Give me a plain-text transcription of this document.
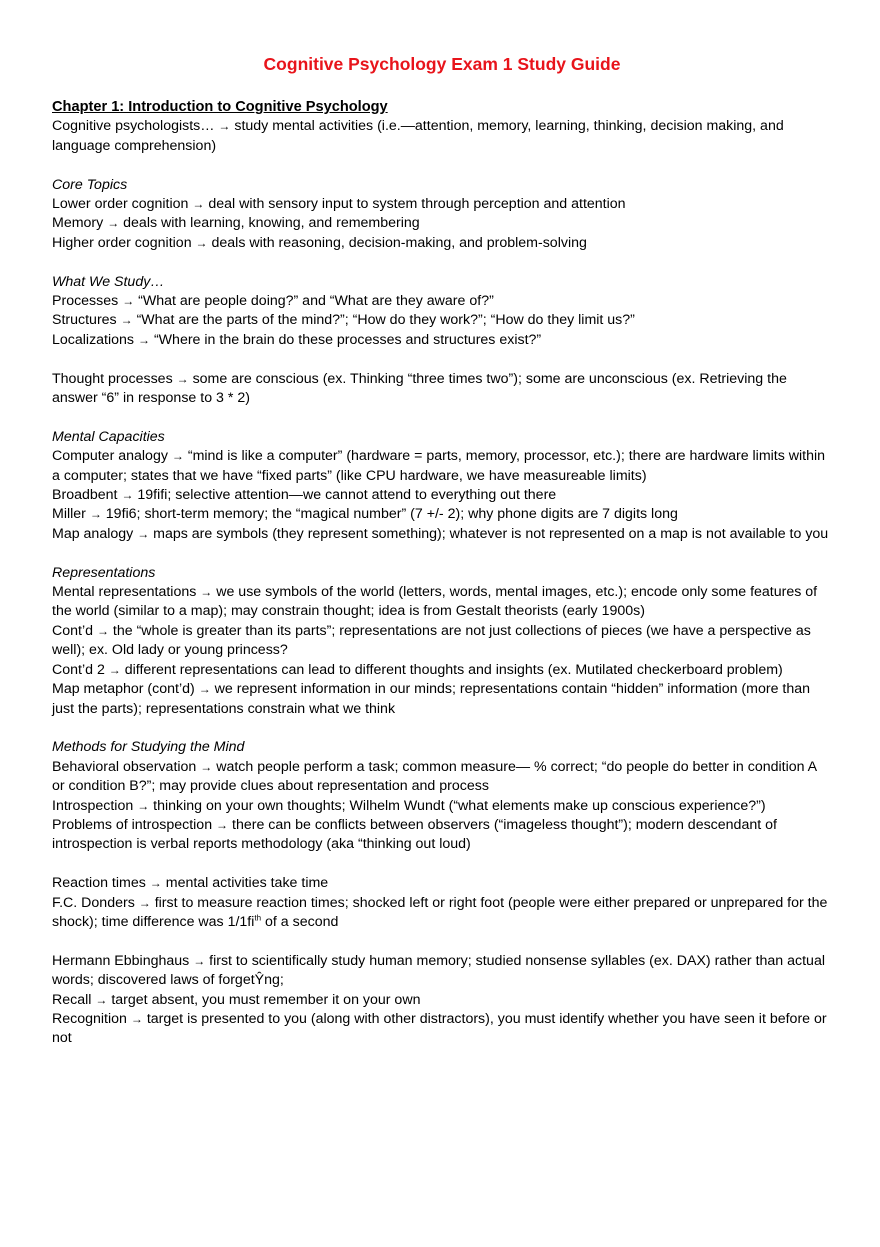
Cognitive Psychology Exam 1 Study Guide

Chapter 1: Introduction to Cognitive Psychology

Cognitive psychologists… → study mental activities (i.e.—attention, memory, learning, thinking, decision making, and language comprehension)

Core Topics

Lower order cognition → deal with sensory input to system through perception and attention

Memory → deals with learning, knowing, and remembering

Higher order cognition → deals with reasoning, decision-making, and problem-solving

What We Study…

Processes → “What are people doing?” and “What are they aware of?”

Structures → “What are the parts of the mind?”; “How do they work?”; “How do they limit us?”

Localizations → “Where in the brain do these processes and structures exist?”

Thought processes → some are conscious (ex. Thinking “three times two”); some are unconscious (ex. Retrieving the answer “6” in response to 3 * 2)

Mental Capacities

Computer analogy → “mind is like a computer” (hardware = parts, memory, processor, etc.); there are hardware limits within a computer; states that we have “fixed parts” (like CPU hardware, we have measureable limits)

Broadbent → 19ﬁﬁ; selective attention—we cannot attend to everything out there

Miller → 19ﬁ6; short-term memory; the “magical number” (7 +/- 2); why phone digits are 7 digits long

Map analogy → maps are symbols (they represent something); whatever is not represented on a map is not available to you

Representations

Mental representations → we use symbols of the world (letters, words, mental images, etc.); encode only some features of the world (similar to a map); may constrain thought; idea is from Gestalt theorists (early 1900s)

Cont’d → the “whole is greater than its parts”; representations are not just collections of pieces (we have a perspective as well); ex. Old lady or young princess?

Cont’d 2 → different representations can lead to different thoughts and insights (ex. Mutilated checkerboard problem)

Map metaphor (cont’d) → we represent information in our minds; representations contain “hidden” information (more than just the parts); representations constrain what we think

Methods for Studying the Mind

Behavioral observation → watch people perform a task; common measure— % correct; “do people do better in condition A or condition B?”; may provide clues about representation and process

Introspection → thinking on your own thoughts; Wilhelm Wundt (“what elements make up conscious experience?”)

Problems of introspection → there can be conflicts between observers (“imageless thought”); modern descendant of introspection is verbal reports methodology (aka “thinking out loud)

Reaction times → mental activities take time

F.C. Donders → first to measure reaction times; shocked left or right foot (people were either prepared or unprepared for the shock); time difference was 1/1ﬁ$^{th}$ of a second

Hermann Ebbinghaus → first to scientifically study human memory; studied nonsense syllables (ex. DAX) rather than actual words; discovered laws of forgetŶng;

Recall → target absent, you must remember it on your own

Recognition → target is presented to you (along with other distractors), you must identify whether you have seen it before or not
